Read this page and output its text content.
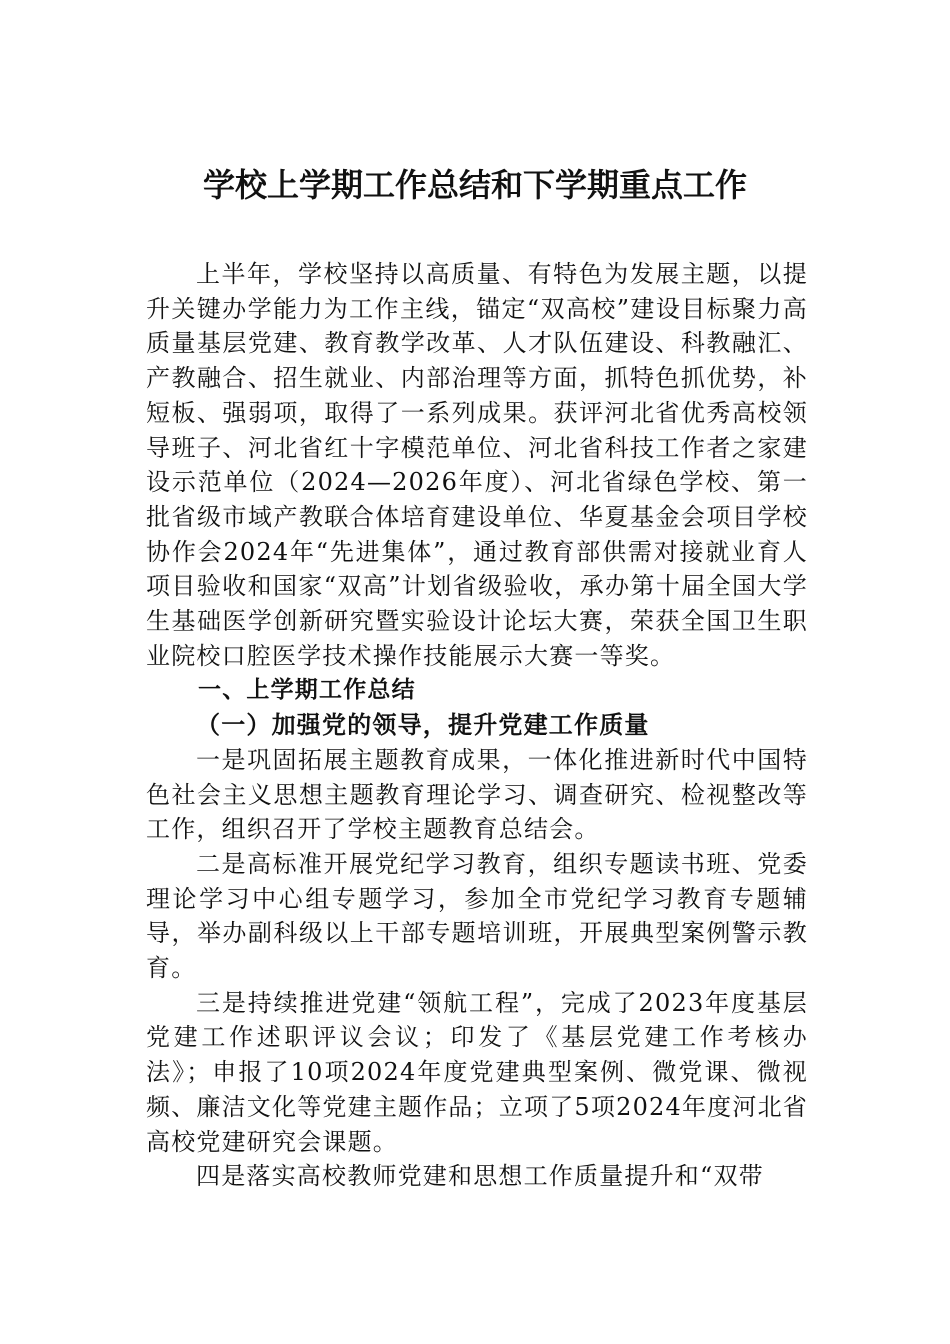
学校上学期工作总结和下学期重点工作

上半年，学校坚持以高质量、有特色为发展主题，以提升关键办学能力为工作主线，锚定“双高校”建设目标聚力高质量基层党建、教育教学改革、人才队伍建设、科教融汇、产教融合、招生就业、内部治理等方面，抓特色抓优势，补短板、强弱项，取得了一系列成果。获评河北省优秀高校领导班子、河北省红十字模范单位、河北省科技工作者之家建设示范单位（2024—2026年度）、河北省绿色学校、第一批省级市域产教联合体培育建设单位、华夏基金会项目学校协作会2024年“先进集体”，通过教育部供需对接就业育人项目验收和国家“双高”计划省级验收，承办第十届全国大学生基础医学创新研究暨实验设计论坛大赛，荣获全国卫生职业院校口腔医学技术操作技能展示大赛一等奖。

一、上学期工作总结

（一）加强党的领导，提升党建工作质量

一是巩固拓展主题教育成果，一体化推进新时代中国特色社会主义思想主题教育理论学习、调查研究、检视整改等工作，组织召开了学校主题教育总结会。

二是高标准开展党纪学习教育，组织专题读书班、党委理论学习中心组专题学习，参加全市党纪学习教育专题辅导，举办副科级以上干部专题培训班，开展典型案例警示教育。

三是持续推进党建“领航工程”，完成了2023年度基层党建工作述职评议会议；印发了《基层党建工作考核办法》；申报了10项2024年度党建典型案例、微党课、微视频、廉洁文化等党建主题作品；立项了5项2024年度河北省高校党建研究会课题。

四是落实高校教师党建和思想工作质量提升和“双带
